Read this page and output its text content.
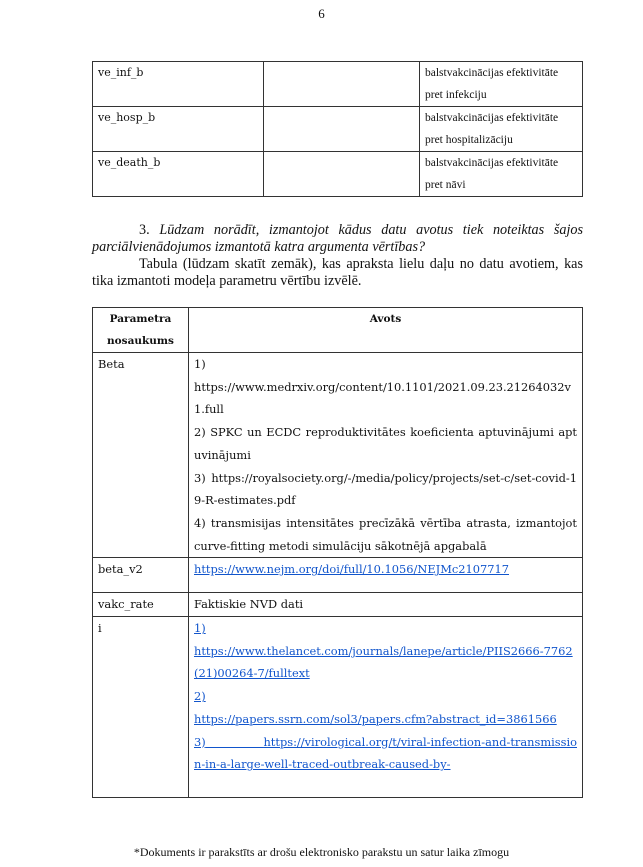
6
ve_inf_b		balstvakcinācijas efektivitāte pret infekciju
ve_hosp_b		balstvakcinācijas efektivitāte pret hospitalizāciju
ve_death_b		balstvakcinācijas efektivitāte pret nāvi
3. Lūdzam norādīt, izmantojot kādus datu avotus tiek noteiktas šajos parciālvienādojumos izmantotā katra argumenta vērtības?
Tabula (lūdzam skatīt zemāk), kas apraksta lielu daļu no datu avotiem, kas tika izmantoti modeļa parametru vērtību izvēlē.
Parametra nosaukums	Avots
Beta	1)
https://www.medrxiv.org/content/10.1101/2021.09.23.21264032v1.full
2) SPKC un ECDC reproduktivitātes koeficienta aptuvinājumi aptuvinājumi
3) https://royalsociety.org/-/media/policy/projects/set-c/set-covid-19-R-estimates.pdf
4) transmisijas intensitātes precīzākā vērtība atrasta, izmantojot curve-fitting metodi simulāciju sākotnējā apgabalā

beta_v2	https://www.nejm.org/doi/full/10.1056/NEJMc2107717

vakc_rate	Faktiskie NVD dati
i	1)
https://www.thelancet.com/journals/lanepe/article/PIIS2666-7762(21)00264-7/fulltext
2)
https://papers.ssrn.com/sol3/papers.cfm?abstract_id=3861566
3) https://virological.org/t/viral-infection-and-transmission-in-a-large-well-traced-outbreak-caused-by-
*Dokuments ir parakstīts ar drošu elektronisko parakstu un satur laika zīmogu
